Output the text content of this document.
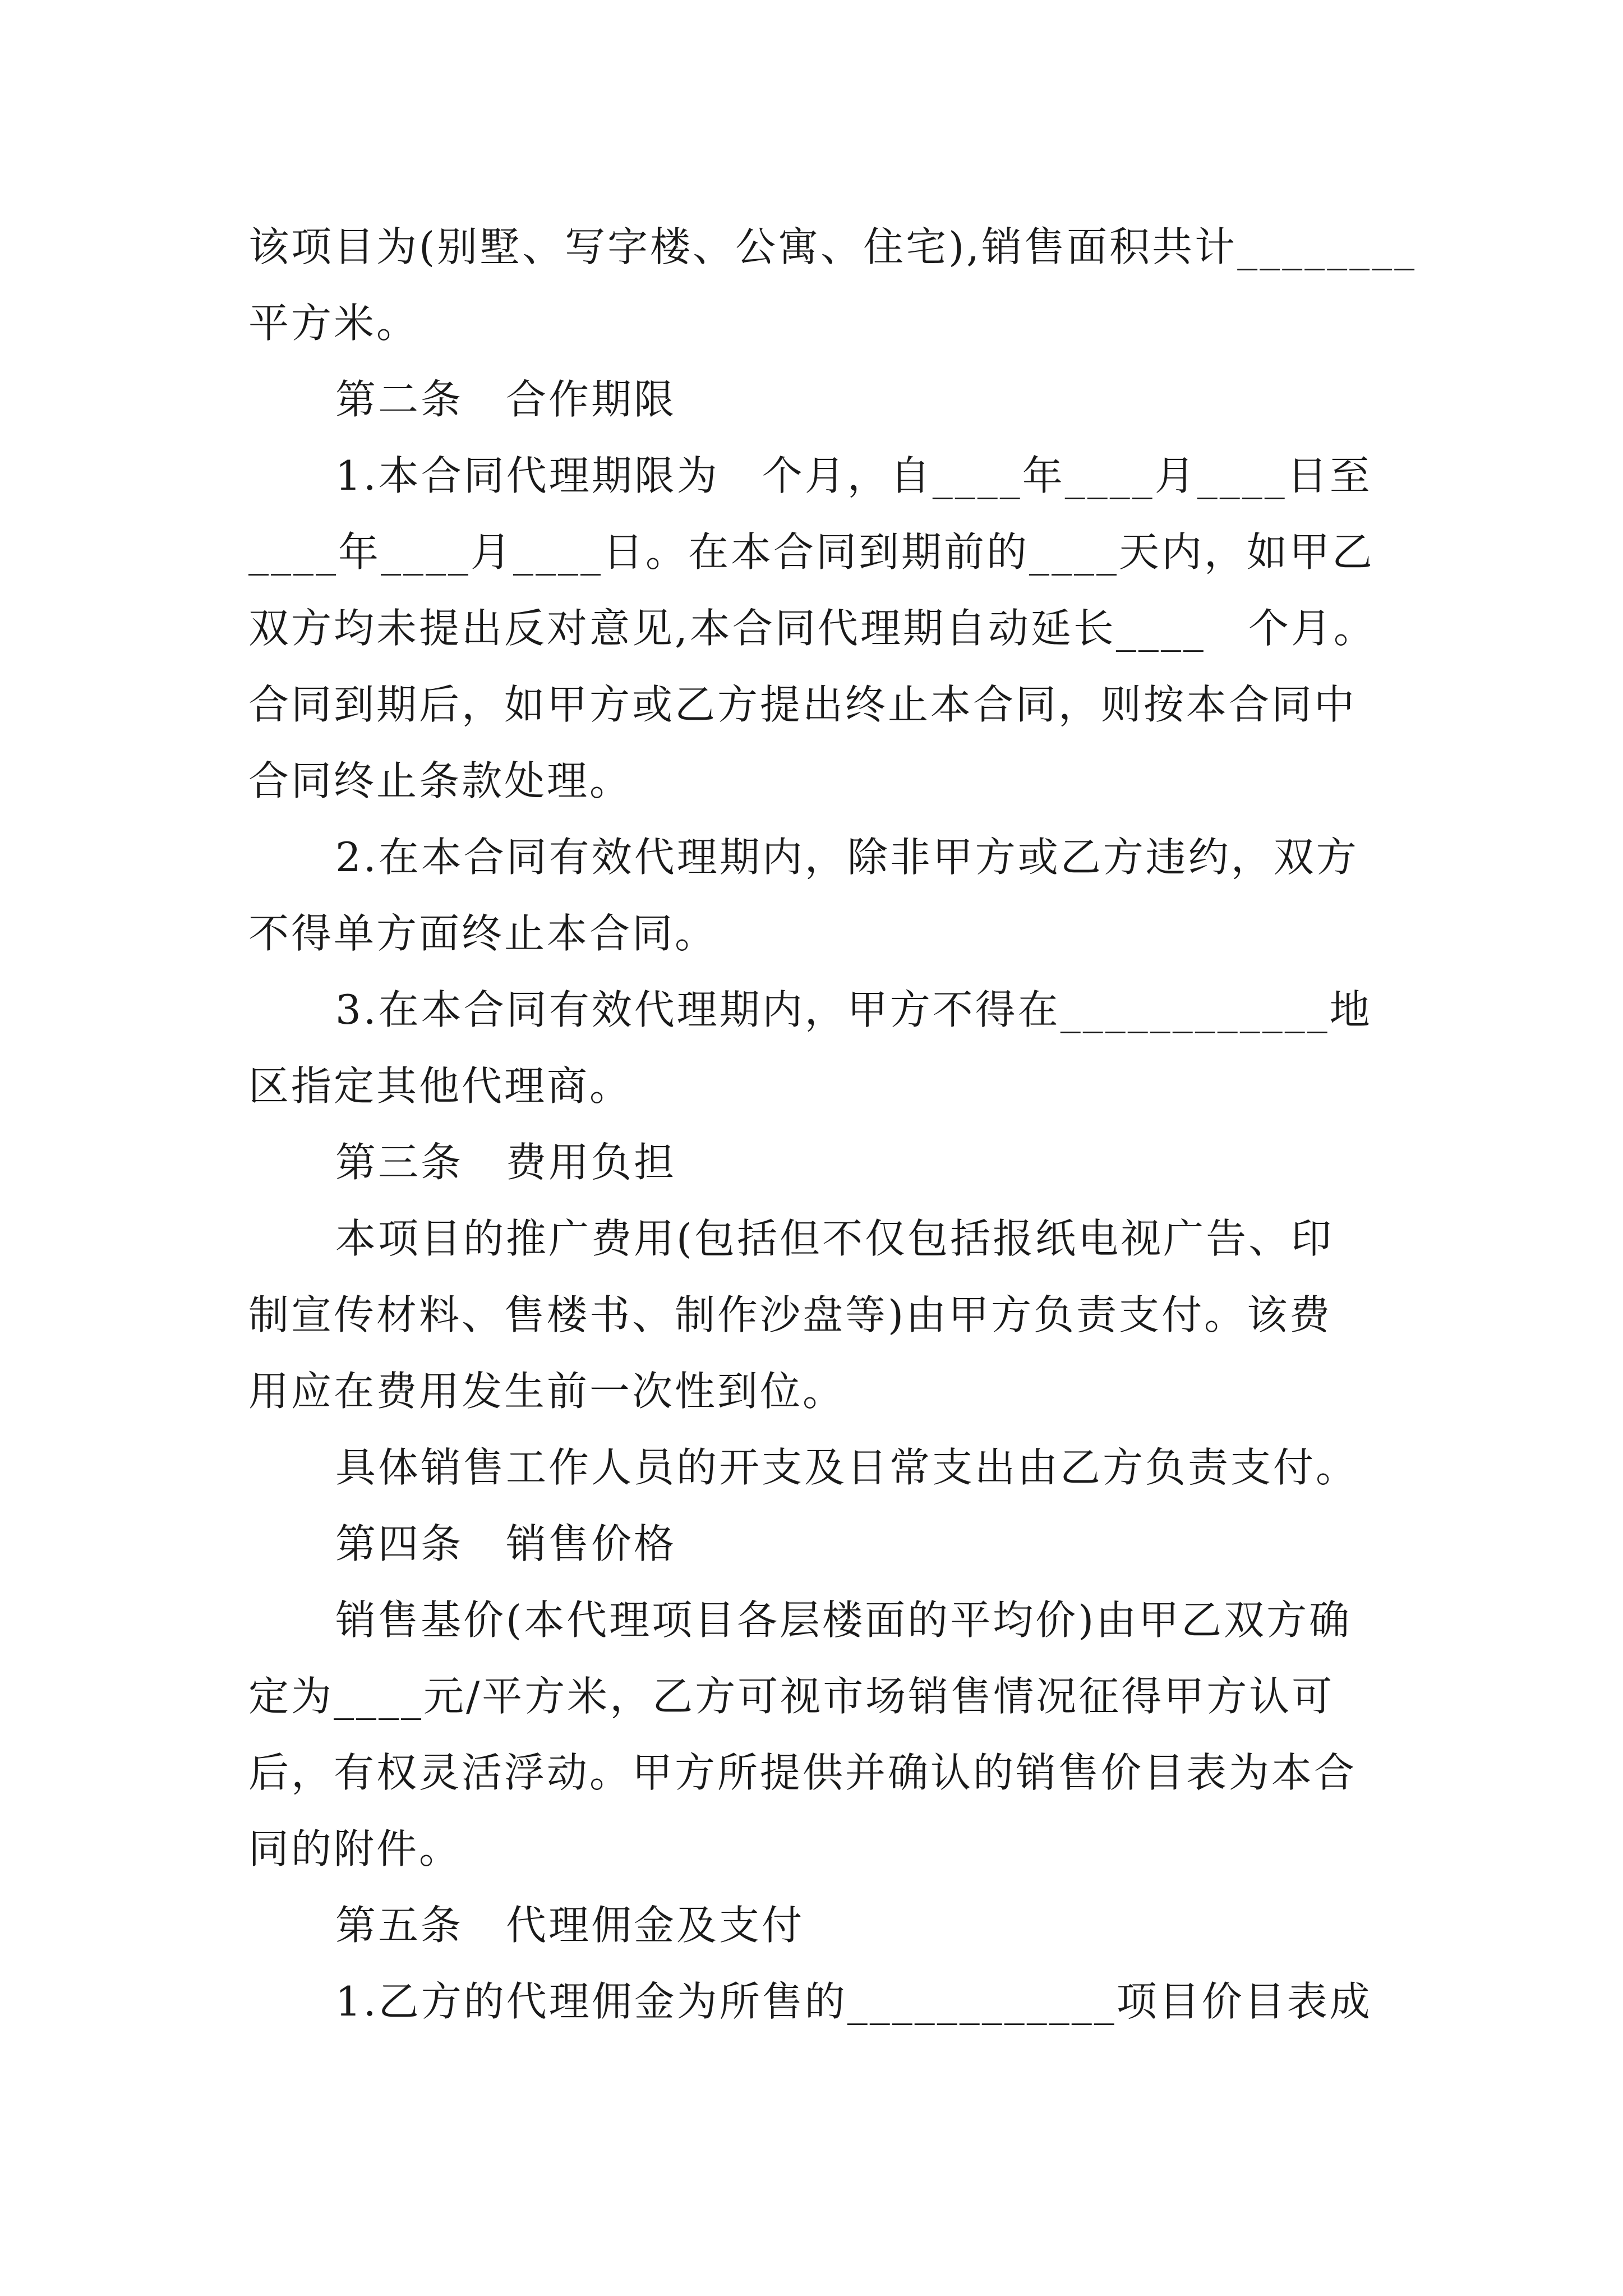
该项目为(别墅、写字楼、公寓、住宅),销售面积共计________
平方米。
第二条　合作期限
1.本合同代理期限为　个月，自____年____月____日至
____年____月____日。在本合同到期前的____天内，如甲乙
双方均未提出反对意见,本合同代理期自动延长____　个月。
合同到期后，如甲方或乙方提出终止本合同，则按本合同中
合同终止条款处理。
2.在本合同有效代理期内，除非甲方或乙方违约，双方
不得单方面终止本合同。
3.在本合同有效代理期内，甲方不得在____________地
区指定其他代理商。
第三条　费用负担
本项目的推广费用(包括但不仅包括报纸电视广告、印
制宣传材料、售楼书、制作沙盘等)由甲方负责支付。该费
用应在费用发生前一次性到位。
具体销售工作人员的开支及日常支出由乙方负责支付。
第四条　销售价格
销售基价(本代理项目各层楼面的平均价)由甲乙双方确
定为____元/平方米，乙方可视市场销售情况征得甲方认可
后，有权灵活浮动。甲方所提供并确认的销售价目表为本合
同的附件。
第五条　代理佣金及支付
1.乙方的代理佣金为所售的____________项目价目表成
